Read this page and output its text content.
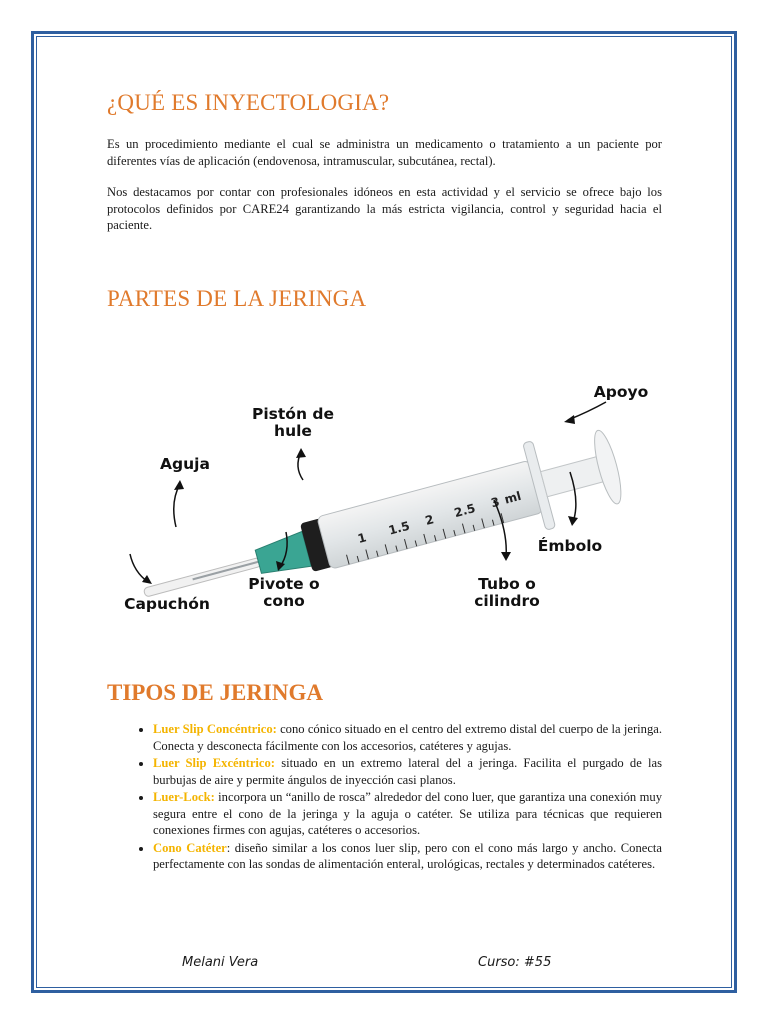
¿QUÉ ES INYECTOLOGIA?

Es un procedimiento mediante el cual se administra un medicamento o tratamiento a un paciente por diferentes vías de aplicación (endovenosa, intramuscular, subcutánea, rectal).

Nos destacamos por contar con profesionales idóneos en esta actividad y el servicio se ofrece bajo los protocolos definidos por CARE24 garantizando la más estricta vigilancia, control y seguridad hacia el paciente.

PARTES DE LA JERINGA
1
1.5 2 2.5 3 ml
Pistón de hule
Apoyo
Aguja
Émbolo
Capuchón
Pivote o cono
Tubo o cilindro
TIPOS DE JERINGA
• Luer Slip Concéntrico: cono cónico situado en el centro del extremo distal del cuerpo de la jeringa. Conecta y desconecta fácilmente con los accesorios, catéteres y agujas.
• Luer Slip Excéntrico: situado en un extremo lateral del a jeringa. Facilita el purgado de las burbujas de aire y permite ángulos de inyección casi planos.
• Luer-Lock: incorpora un “anillo de rosca” alrededor del cono luer, que garantiza una conexión muy segura entre el cono de la jeringa y la aguja o catéter. Se utiliza para técnicas que requieren conexiones firmes con agujas, catéteres o accesorios.
• Cono Catéter: diseño similar a los conos luer slip, pero con el cono más largo y ancho. Conecta perfectamente con las sondas de alimentación enteral, urológicas, rectales y determinados catéteres.
Melani Vera	Curso: #55
